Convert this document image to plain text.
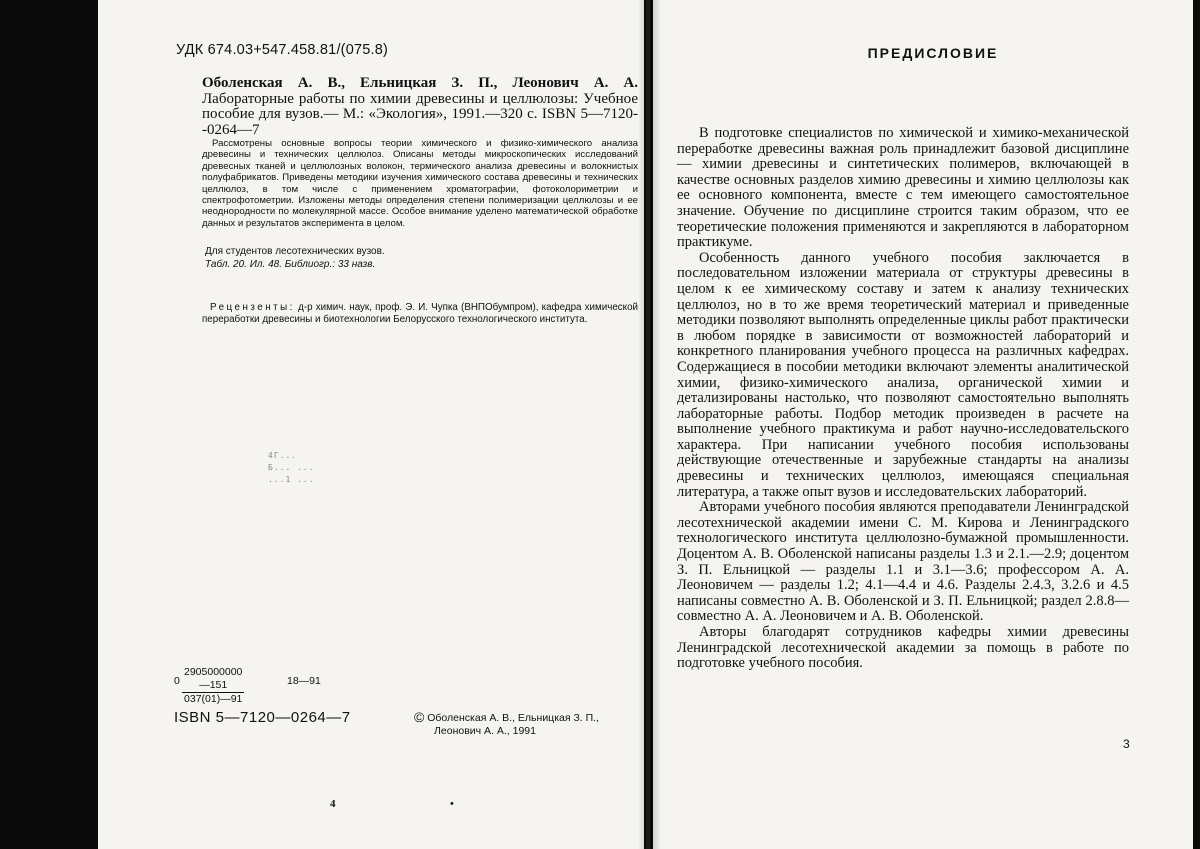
УДК 674.03+547.458.81/(075.8)
Оболенская А. В., Ельницкая З. П., Леонович А. А. Лабораторные работы по химии древесины и целлюлозы: Учебное пособие для вузов.— М.: «Экология», 1991.—320 с. ISBN 5—7120--0264—7
Рассмотрены основные вопросы теории химического и физико-химического анализа древесины и технических целлюлоз. Описаны методы микроскопических исследований древесных тканей и целлюлозных волокон, термического анализа древесины и волокнистых полуфабрикатов. Приведены методики изучения химического состава древесины и технических целлюлоз, в том числе с применением хроматографии, фотоколориметрии и спектрофотометрии. Изложены методы определения степени полимеризации целлюлозы и ее неоднородности по молекулярной массе. Особое внимание уделено математической обработке данных и результатов эксперимента в целом.
Для студентов лесотехнических вузов.
Табл. 20. Ил. 48. Библиогр.: 33 назв.
Рецензенты: д-р химич. наук, проф. Э. И. Чупка (ВНПОбумпром), кафедра химической переработки древесины и биотехнологии Белорусского технологического института.
4Г...
Б... ...
...1 ...
$0 \frac{2905000000—151}{037(01)—91}$	18—91
ISBN 5—7120—0264—7	© Оболенская А. В., Ельницкая З. П.,
Леонович А. А., 1991
4	•
ПРЕДИСЛОВИЕ

В подготовке специалистов по химической и химико-механической переработке древесины важная роль принадлежит базовой дисциплине — химии древесины и синтетических полимеров, включающей в качестве основных разделов химию древесины и химию целлюлозы как ее основного компонента, вместе с тем имеющего самостоятельное значение. Обучение по дисциплине строится таким образом, что ее теоретические положения применяются и закрепляются в лабораторном практикуме.

Особенность данного учебного пособия заключается в последовательном изложении материала от структуры древесины в целом к ее химическому составу и затем к анализу технических целлюлоз, но в то же время теоретический материал и приведенные методики позволяют выполнять определенные циклы работ практически в любом порядке в зависимости от возможностей лабораторий и конкретного планирования учебного процесса на различных кафедрах. Содержащиеся в пособии методики включают элементы аналитической химии, физико-химического анализа, органической химии и детализированы настолько, что позволяют самостоятельно выполнять лабораторные работы. Подбор методик произведен в расчете на выполнение учебного практикума и работ научно-исследовательского характера. При написании учебного пособия использованы действующие отечественные и зарубежные стандарты на анализы древесины и технических целлюлоз, имеющаяся специальная литература, а также опыт вузов и исследовательских лабораторий.

Авторами учебного пособия являются преподаватели Ленинградской лесотехнической академии имени С. М. Кирова и Ленинградского технологического института целлюлозно-бумажной промышленности. Доцентом А. В. Оболенской написаны разделы 1.3 и 2.1.—2.9; доцентом З. П. Ельницкой — разделы 1.1 и 3.1—3.6; профессором А. А. Леоновичем — разделы 1.2; 4.1—4.4 и 4.6. Разделы 2.4.3, 3.2.6 и 4.5 написаны совместно А. В. Оболенской и З. П. Ельницкой; раздел 2.8.8— совместно А. А. Леоновичем и А. В. Оболенской.

Авторы благодарят сотрудников кафедры химии древесины Ленинградской лесотехнической академии за помощь в работе по подготовке учебного пособия.

3
